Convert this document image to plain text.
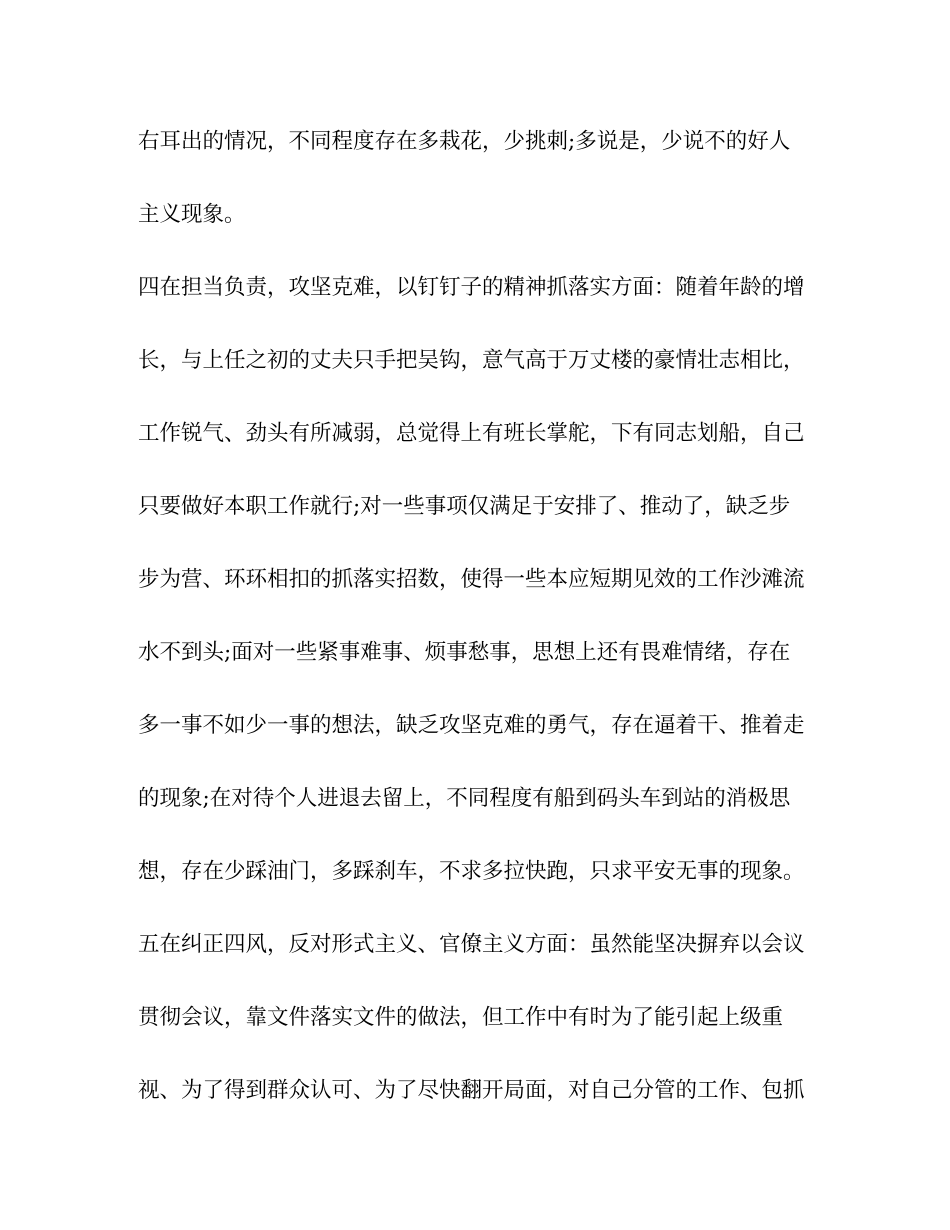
右耳出的情况，不同程度存在多栽花，少挑刺;多说是，少说不的好人
主义现象。
四在担当负责，攻坚克难，以钉钉子的精神抓落实方面：随着年龄的增
长，与上任之初的丈夫只手把吴钩，意气高于万丈楼的豪情壮志相比，
工作锐气、劲头有所减弱，总觉得上有班长掌舵，下有同志划船，自己
只要做好本职工作就行;对一些事项仅满足于安排了、推动了，缺乏步
步为营、环环相扣的抓落实招数，使得一些本应短期见效的工作沙滩流
水不到头;面对一些紧事难事、烦事愁事，思想上还有畏难情绪，存在
多一事不如少一事的想法，缺乏攻坚克难的勇气，存在逼着干、推着走
的现象;在对待个人进退去留上，不同程度有船到码头车到站的消极思
想，存在少踩油门，多踩刹车，不求多拉快跑，只求平安无事的现象。
五在纠正四风，反对形式主义、官僚主义方面：虽然能坚决摒弃以会议
贯彻会议，靠文件落实文件的做法，但工作中有时为了能引起上级重
视、为了得到群众认可、为了尽快翻开局面，对自己分管的工作、包抓
